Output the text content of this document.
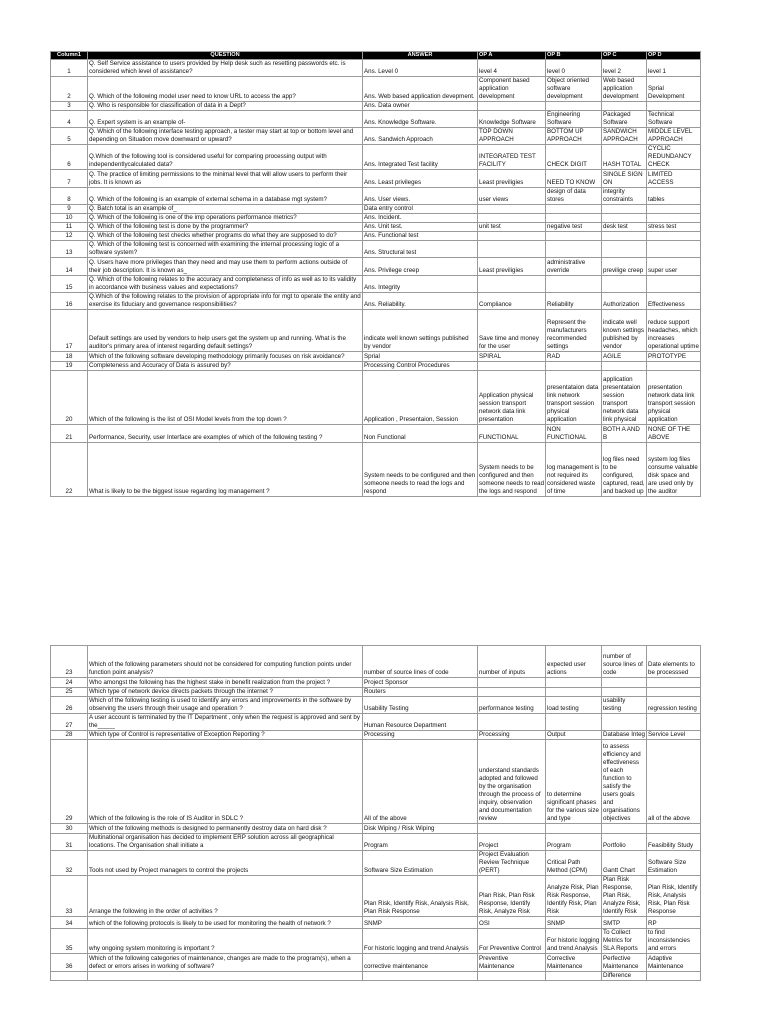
Column1	QUESTION	ANSWER	OP A	OP B	OP C	OP D
1	Q. Self Service assistance to users provided by Help desk such as resetting passwords etc. is considered which level of assistance?	Ans. Level 0	level 4	level 0	level 2	level 1
2	Q. Which of the following model user need to know URL to access the app?	Ans. Web based application devepment.	Component based application development	Object oriented software development	Web based application development	Sprial Development
3	Q. Who is responsible for classification of data in a Dept?	Ans. Data owner				
4	Q. Expert system is an example of-	Ans. Knowledge Software.	Knowledge Software	Engineering Software	Packaged Software	Technical Software
5	Q. Which of the following interface testing approach, a tester may start at top or bottom level and depending on Situation move downward or upward?	Ans. Sandwich Approach	TOP DOWN APPROACH	BOTTOM UP APPROACH	SANDWICH APPROACH	MIDDLE LEVEL APPROACH
6	Q.Which of the following tool is considered useful for comparing processing output with independentlycalculated data?	Ans. Integrated Test facility	INTEGRATED TEST FACILITY	CHECK DIGIT	HASH TOTAL	CYCLIC REDUNDANCY CHECK
7	Q. The practice of limiting permissions to the minimal level that will allow users to perform their jobs. It is known as	Ans. Least privileges	Least previligies	NEED TO KNOW	SINGLE SIGN ON	LIMITED ACCESS
8	Q. Which of the following is an example of external schema in a database mgt system?	Ans. User views.	user views	design of data stores	integrity constraints	tables
9	Q. Batch total is an example of_	Data entry control				
10	Q. Which of the following is one of the imp operations performance metrics?	Ans. Incident.				
11	Q. Which of the following test is done by the programmer?	Ans. Unit test.	unit test	negative test	desk test	stress test
12	Q. Which of the following test checks whether programs do what they are supposed to do?	Ans. Functional test				
13	Q. Which of the following test is concerned with examining the internal processing logic of a software system?	Ans. Structural test				
14	Q. Users have more privileges than they need and may use them to perform actions outside of their job description. It is known as_	Ans. Privilege creep	Least previligies	administrative override	previlige creep	super user
15	Q. Which of the following relates to the accuracy and completeness of info as well as to its validity in accordance with business values and expectations?	Ans. Integrity				
16	Q.Which of the following relates to the provision of appropriate info for mgt to operate the entity and exercise its fiduciary and governance responsibilities?	Ans. Reliability.	Compliance	Reliability	Authorization	Effectiveness
17	Default settings are used by vendors to help users get the system up and running. What is the auditor's primary area of interest regarding default settings?	indicate well known settings published by vendor	Save time and money for the user	Represent the manufacturers recommended settings	indicate well known settings published by vendor	reduce support headaches, which increases operational uptime
18	Which of the following software developing methodology primarily focuses on risk avoidance?	Sprial	SPIRAL	RAD	AGILE	PROTOTYPE
19	Completeness and Accuracy of Data is assured by?	Processing Control Procedures				
20	Which of the following is the list of OSI Model levels from the top down ?	Application , Presentaion, Session	Application physical session transport network data link presentation	presentataion data link network transport session physical application	application presentataion session transport network data link physical	presentation network data link transport session physical application
21	Performance, Security, user Interface are examples of which of the following testing ?	Non Functional	FUNCTIONAL	NON FUNCTIONAL	BOTH A AND B	NONE OF THE ABOVE
22	What is likely to be the biggest issue regarding log management ?	System needs to be configured and then someone needs to read the logs and respond	System needs to be configured and then someone needs to read the logs and respond	log management is not required its considered waste of time	log files need to be configured, captured, read, and backed up	system log files consume valuable disk space and are used only by the auditor
23	Which of the following parameters should not be considered for computing function points under function point analysis?	number of source lines of code	number of inputs	expected user actions	number of source lines of code	Date elements to be processsed
24	Who amongst the following has the highest stake in benefit realization from the project ?	Project Sponsor				
25	Which type of network device directs packets through the internet ?	Routers				
26	Which of the following testing is used to identify any errors and improvements in the software by observing the users through their usage and operation ?	Usability Testing	performance testing	load testing	usability testing	regression testing
27	A user account is terminated by the IT Department , only when the request is approved and sent by the_____	Human Resource Department				
28	Which type of Control is representative of Exception Reporting ?	Processing	Processing	Output	Database Integ	Service Level
29	Which of the following is the role of IS Auditor in SDLC ?	All of the above	understand standards adopted and followed by the organisation through the process of inquiry, observation and documentation review	to determine significant phases for the various size and type	to assess efficiency and effectiveness of each function to satisfy the users goals and organisations objectives	all of the above
30	Which of the following methods is designed to permanently destroy data on hard disk ?	Disk Wiping / Risk Wiping				
31	Multinational organisation has decided to implement ERP solution across all geographical locations. The Organisation shall initiate a	Program	Project	Program	Portfolio	Feasibility Study
32	Tools not used by Project managers to control the projects	Software Size Estimation	Project Evaluation Review Technique (PERT)	Critical Path Method (CPM)	Gantt Chart	Software Size Estimation
33	Arrange the following in the order of activities ?	Plan Risk, Identify Risk, Analysis Risk, Plan Risk Response	Plan Risk, Plan Risk Response, Identify Risk, Analyze Risk	Analyze Risk, Plan Risk Response, Identify Risk, Plan Risk	Plan Risk Response, Plan Risk, Analyze Risk, Identify Risk	Plan Risk, Identify Risk, Analysis Risk, Plan Risk Response
34	which of the following protocols is likely to be used for monitoring the health of network ?	SNMP	OSI	SNMP	SMTP	RP
35	why ongoing system monitoring is important ?	For historic logging and trend Analysis	For Preventive Control	For historic logging and trend Analysis	To Collect Metrics for SLA Reports	to find inconsistencies and errors
36	Which of the following categories of maintenance, changes are made to the program(s), when a defect or errors arises in working of software?	corrective maintenance	Preventive Maintenance	Corrective Maintenance	Perfective Maintenance	Adaptive Maintenance
					Difference	
